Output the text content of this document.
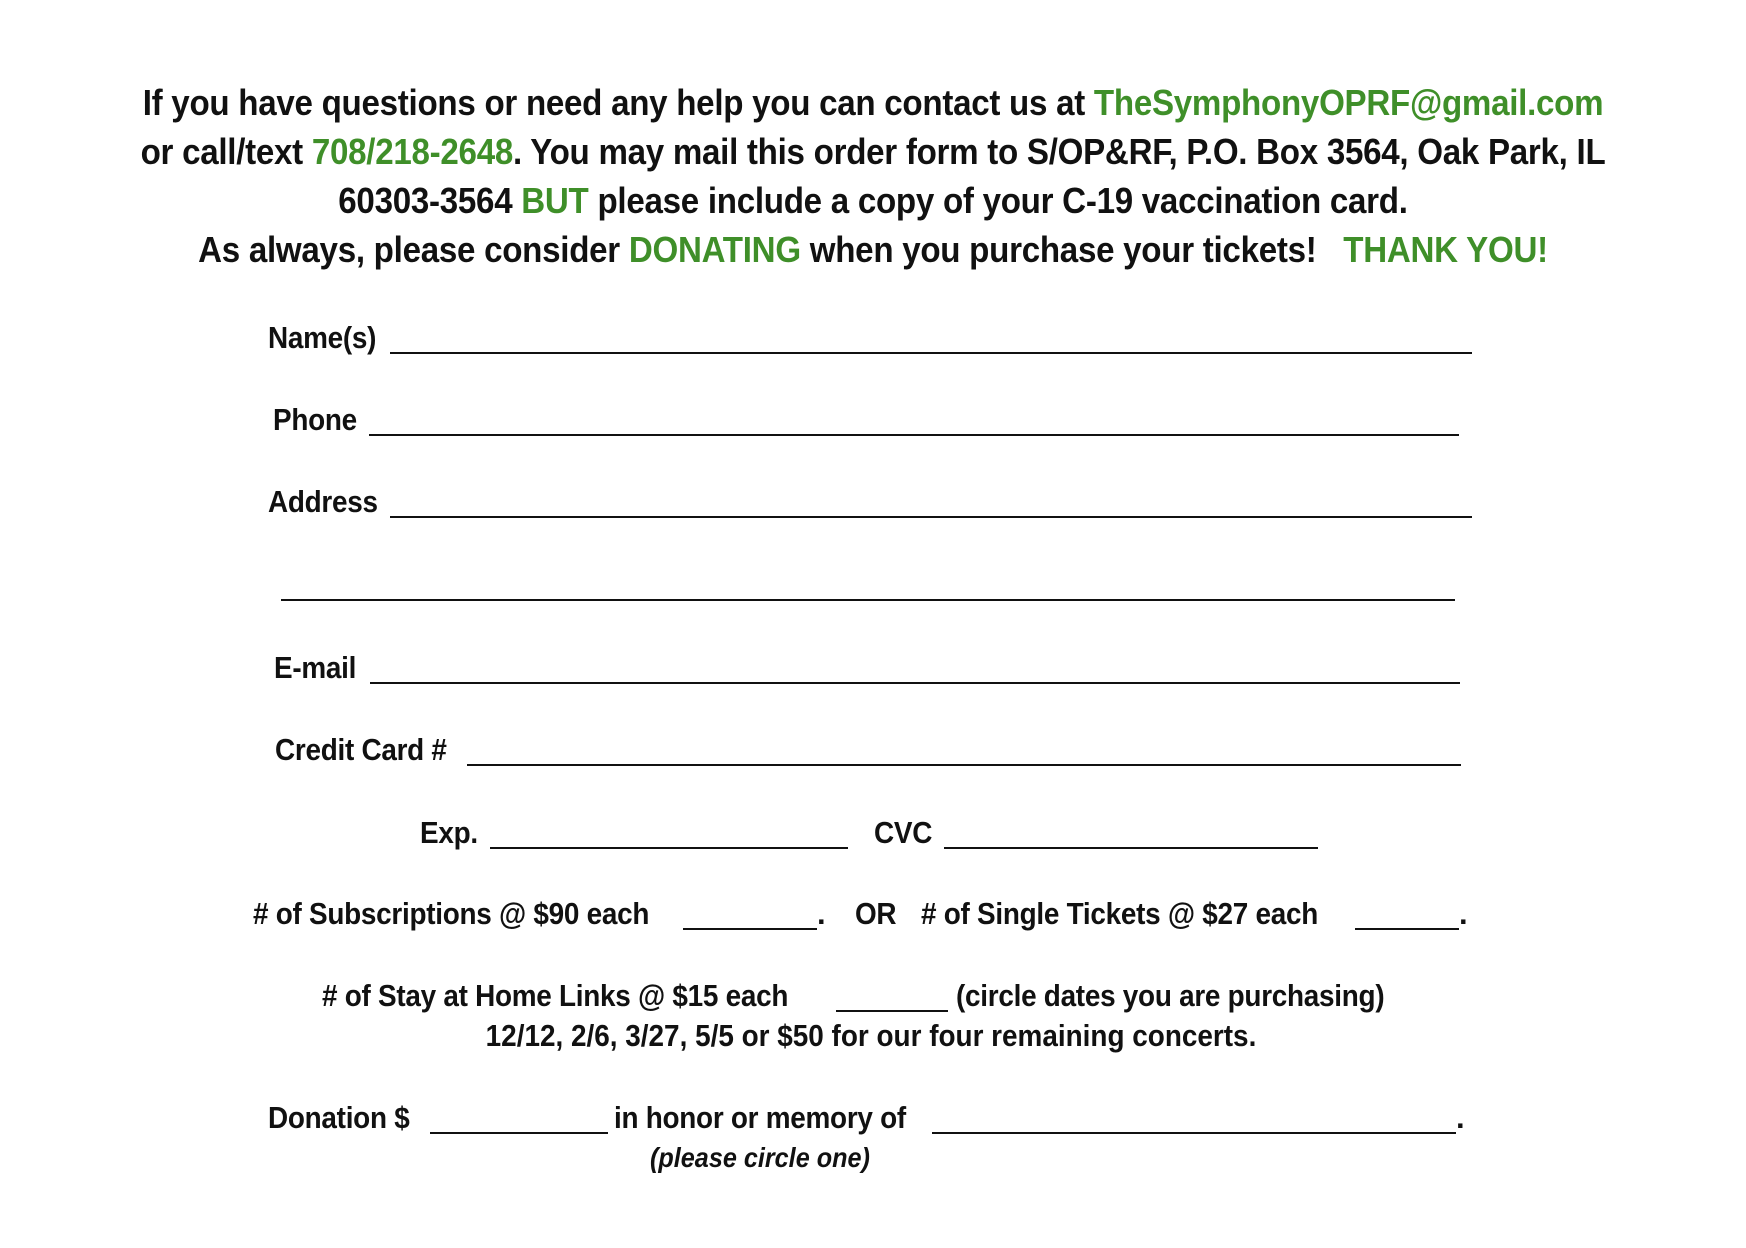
If you have questions or need any help you can contact us at TheSymphonyOPRF@gmail.com
or call/text 708/218-2648. You may mail this order form to S/OP&RF, P.O. Box 3564, Oak Park, IL
60303-3564 BUT please include a copy of your C-19 vaccination card.
As always, please consider DONATING when you purchase your tickets! THANK YOU!
Name(s)
Phone
Address
E-mail
Credit Card #
Exp.	CVC
# of Subscriptions @ $90 each	. OR # of Single Tickets @ $27 each	.
# of Stay at Home Links @ $15 each	(circle dates you are purchasing)
12/12, 2/6, 3/27, 5/5 or $50 for our four remaining concerts.
Donation $	in honor or memory of	.
(please circle one)
